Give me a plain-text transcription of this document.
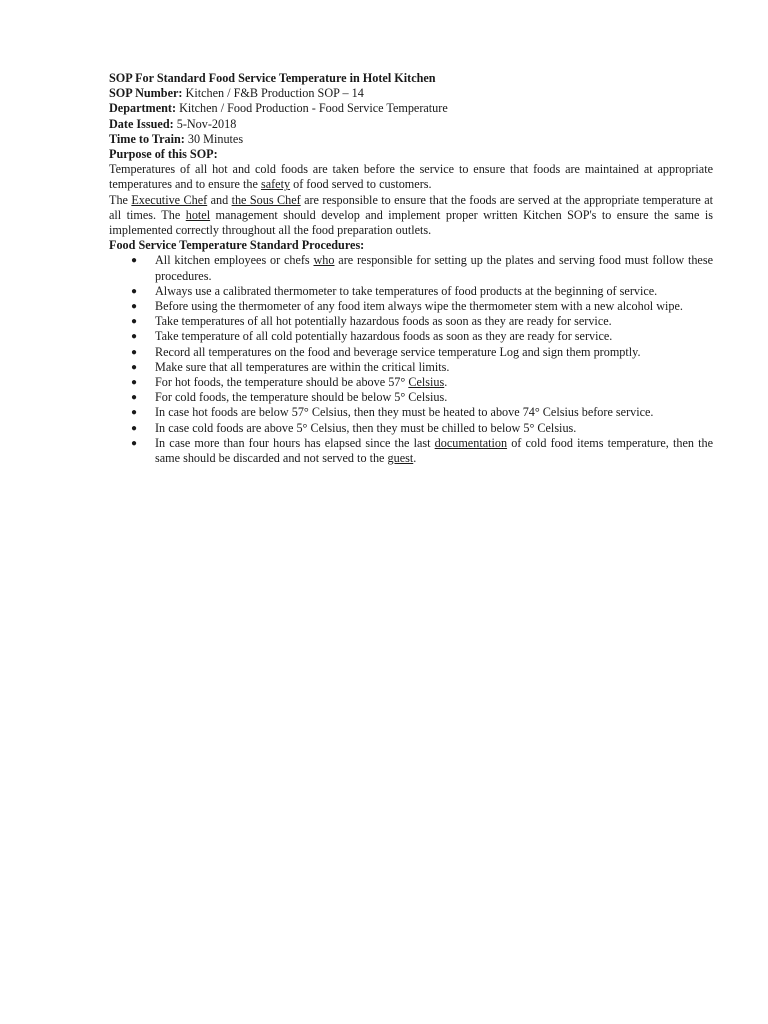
SOP For Standard Food Service Temperature in Hotel Kitchen

SOP Number: Kitchen / F&B Production SOP – 14

Department: Kitchen / Food Production - Food Service Temperature

Date Issued: 5-Nov-2018

Time to Train: 30 Minutes

Purpose of this SOP:

Temperatures of all hot and cold foods are taken before the service to ensure that foods are maintained at appropriate temperatures and to ensure the safety of food served to customers.

The Executive Chef and the Sous Chef are responsible to ensure that the foods are served at the appropriate temperature at all times. The hotel management should develop and implement proper written Kitchen SOP's to ensure the same is implemented correctly throughout all the food preparation outlets.

Food Service Temperature Standard Procedures:

● All kitchen employees or chefs who are responsible for setting up the plates and serving food must follow these procedures.
● Always use a calibrated thermometer to take temperatures of food products at the beginning of service.
● Before using the thermometer of any food item always wipe the thermometer stem with a new alcohol wipe.
● Take temperatures of all hot potentially hazardous foods as soon as they are ready for service.
● Take temperature of all cold potentially hazardous foods as soon as they are ready for service.
● Record all temperatures on the food and beverage service temperature Log and sign them promptly.
● Make sure that all temperatures are within the critical limits.
● For hot foods, the temperature should be above 57° Celsius.
● For cold foods, the temperature should be below 5° Celsius.
● In case hot foods are below 57° Celsius, then they must be heated to above 74° Celsius before service.
● In case cold foods are above 5° Celsius, then they must be chilled to below 5° Celsius.
● In case more than four hours has elapsed since the last documentation of cold food items temperature, then the same should be discarded and not served to the guest.
